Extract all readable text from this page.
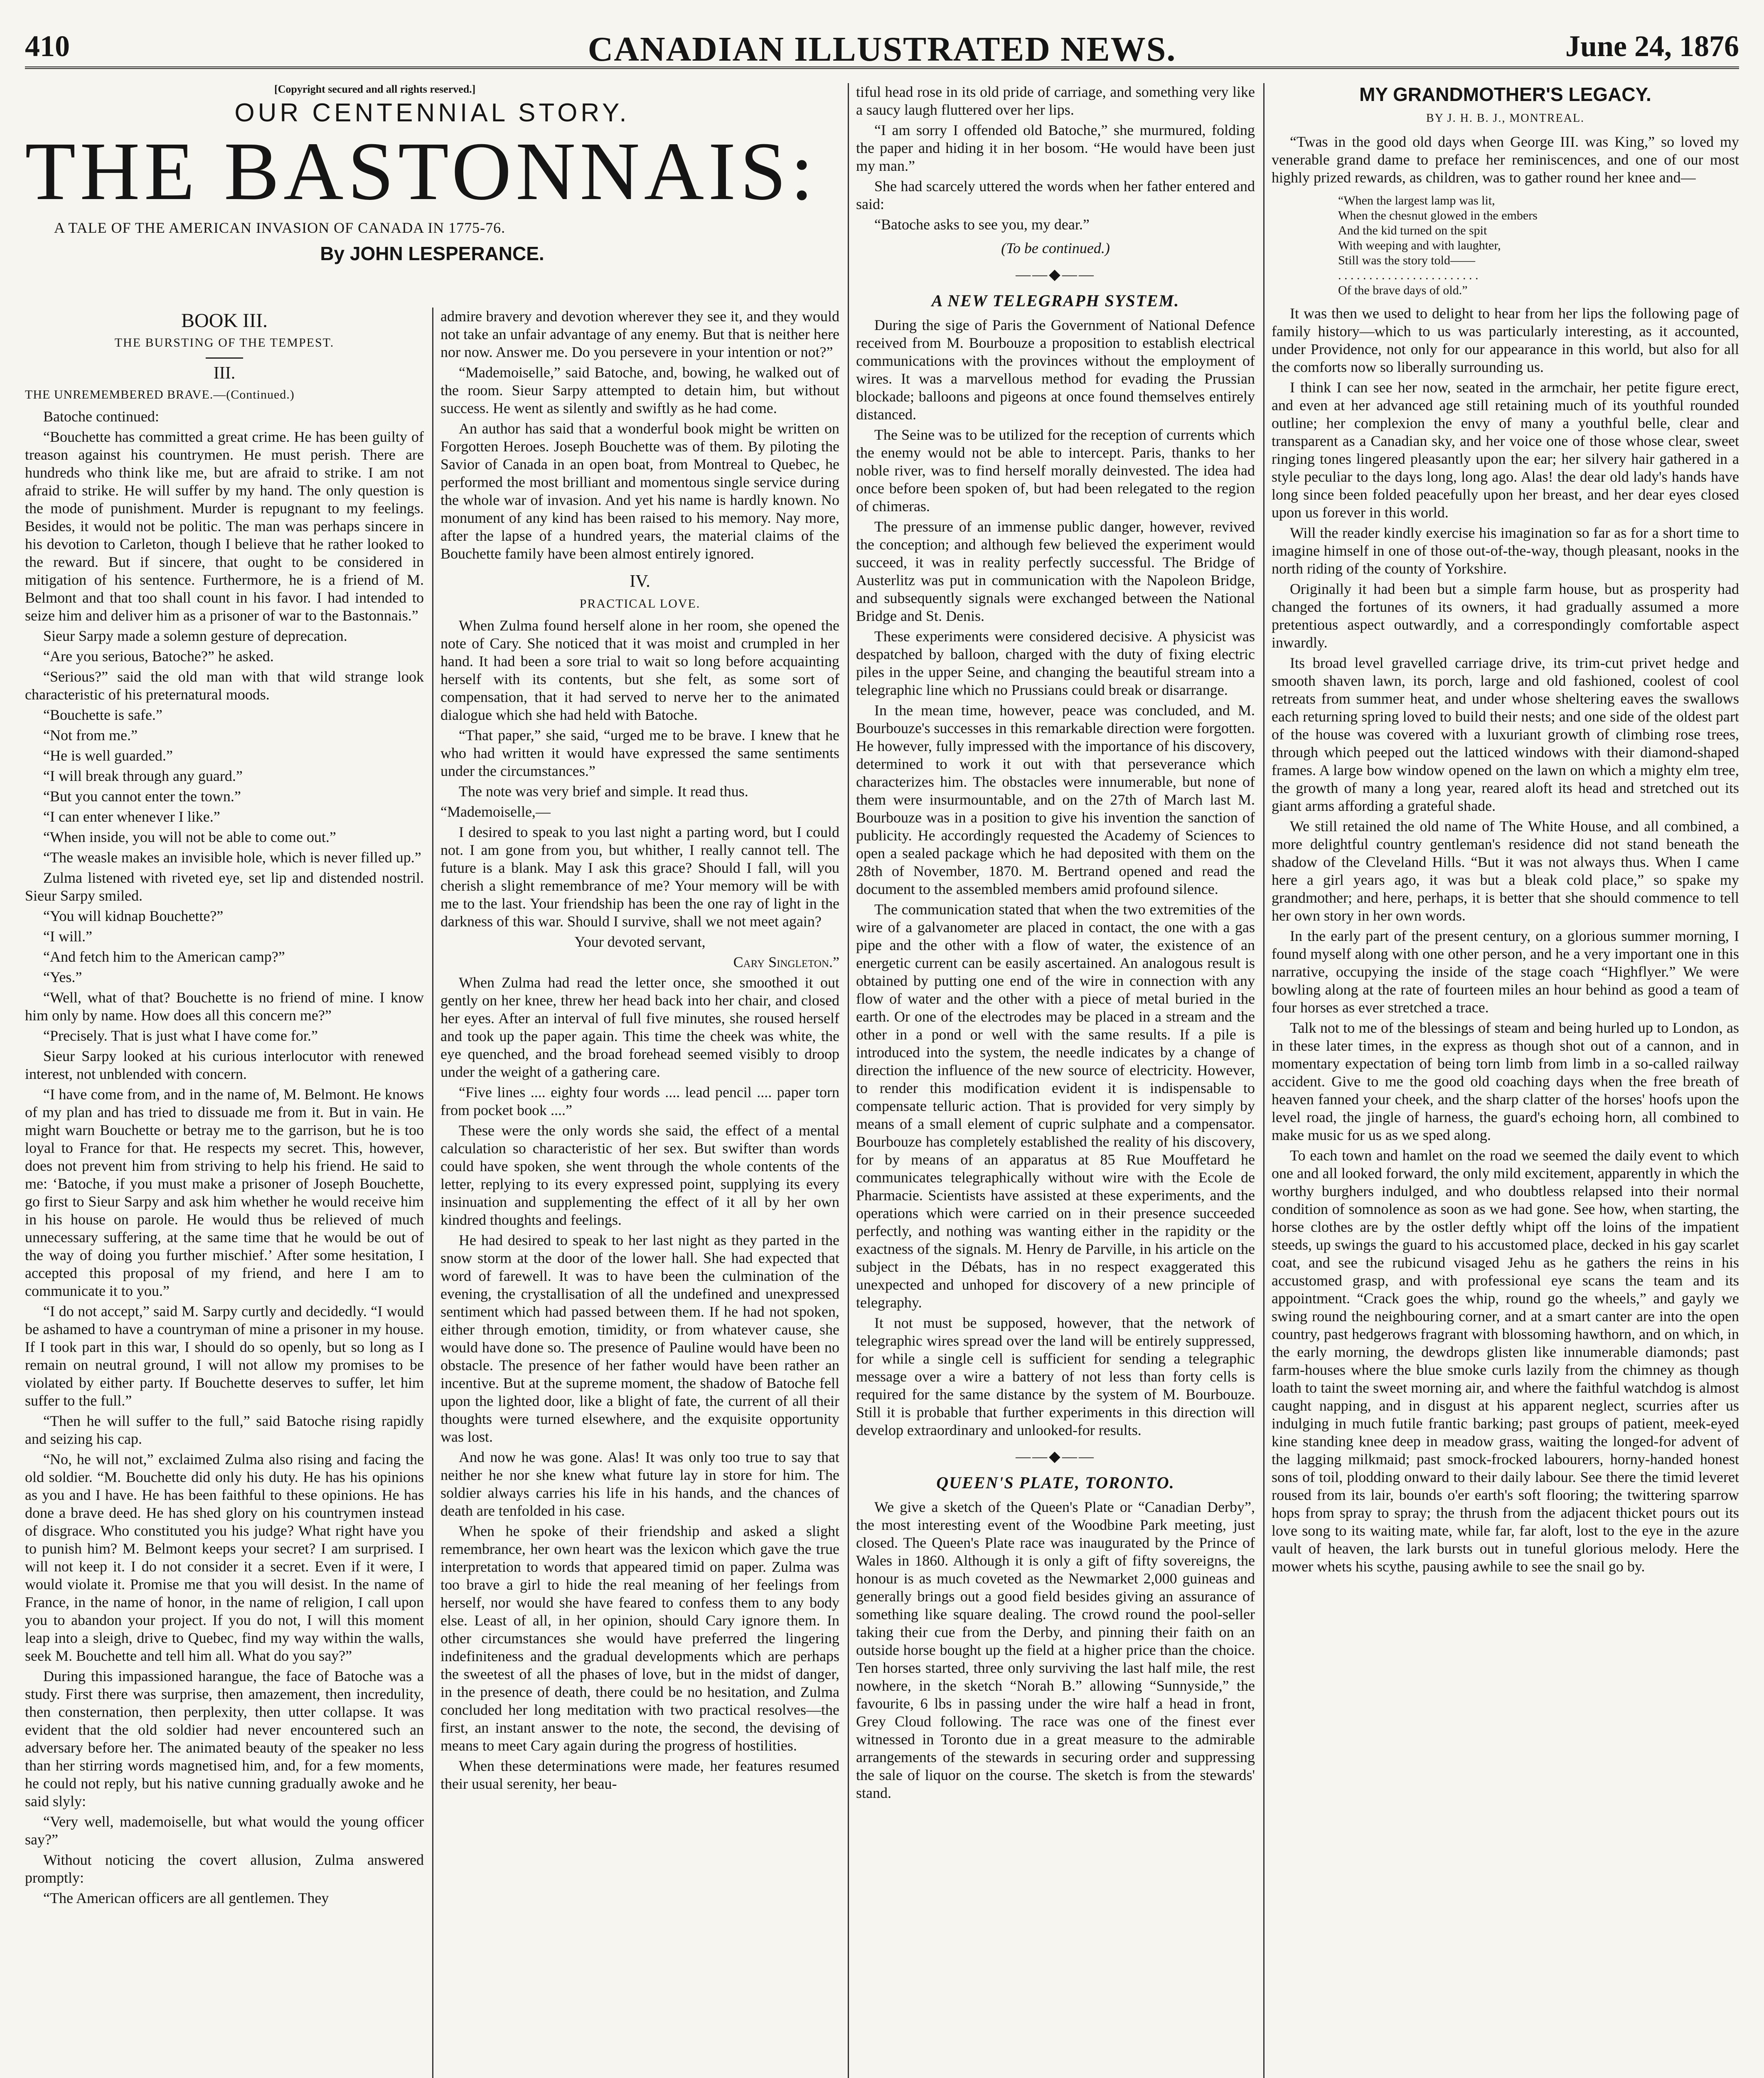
410	CANADIAN ILLUSTRATED NEWS.	June 24, 1876
[Copyright secured and all rights reserved.]
OUR CENTENNIAL STORY.
THE BASTONNAIS:
A TALE OF THE AMERICAN INVASION OF CANADA IN 1775-76.
By JOHN LESPERANCE.
BOOK III.
THE BURSTING OF THE TEMPEST.
III.
THE UNREMEMBERED BRAVE.—(Continued.)

Batoche continued:

“Bouchette has committed a great crime. He has been guilty of treason against his countrymen. He must perish. There are hundreds who think like me, but are afraid to strike. I am not afraid to strike. He will suffer by my hand. The only question is the mode of punishment. Murder is repugnant to my feelings. Besides, it would not be politic. The man was perhaps sincere in his devotion to Carleton, though I believe that he rather looked to the reward. But if sincere, that ought to be considered in mitigation of his sentence. Furthermore, he is a friend of M. Belmont and that too shall count in his favor. I had intended to seize him and deliver him as a prisoner of war to the Bastonnais.”

Sieur Sarpy made a solemn gesture of deprecation.

“Are you serious, Batoche?” he asked.

“Serious?” said the old man with that wild strange look characteristic of his preternatural moods.

“Bouchette is safe.”

“Not from me.”

“He is well guarded.”

“I will break through any guard.”

“But you cannot enter the town.”

“I can enter whenever I like.”

“When inside, you will not be able to come out.”

“The weasle makes an invisible hole, which is never filled up.”

Zulma listened with riveted eye, set lip and distended nostril. Sieur Sarpy smiled.

“You will kidnap Bouchette?”

“I will.”

“And fetch him to the American camp?”

“Yes.”

“Well, what of that? Bouchette is no friend of mine. I know him only by name. How does all this concern me?”

“Precisely. That is just what I have come for.”

Sieur Sarpy looked at his curious interlocutor with renewed interest, not unblended with concern.

“I have come from, and in the name of, M. Belmont. He knows of my plan and has tried to dissuade me from it. But in vain. He might warn Bouchette or betray me to the garrison, but he is too loyal to France for that. He respects my secret. This, however, does not prevent him from striving to help his friend. He said to me: ‘Batoche, if you must make a prisoner of Joseph Bouchette, go first to Sieur Sarpy and ask him whether he would receive him in his house on parole. He would thus be relieved of much unnecessary suffering, at the same time that he would be out of the way of doing you further mischief.’ After some hesitation, I accepted this proposal of my friend, and here I am to communicate it to you.”

“I do not accept,” said M. Sarpy curtly and decidedly. “I would be ashamed to have a countryman of mine a prisoner in my house. If I took part in this war, I should do so openly, but so long as I remain on neutral ground, I will not allow my promises to be violated by either party. If Bouchette deserves to suffer, let him suffer to the full.”

“Then he will suffer to the full,” said Batoche rising rapidly and seizing his cap.

“No, he will not,” exclaimed Zulma also rising and facing the old soldier. “M. Bouchette did only his duty. He has his opinions as you and I have. He has been faithful to these opinions. He has done a brave deed. He has shed glory on his countrymen instead of disgrace. Who constituted you his judge? What right have you to punish him? M. Belmont keeps your secret? I am surprised. I will not keep it. I do not consider it a secret. Even if it were, I would violate it. Promise me that you will desist. In the name of France, in the name of honor, in the name of religion, I call upon you to abandon your project. If you do not, I will this moment leap into a sleigh, drive to Quebec, find my way within the walls, seek M. Bouchette and tell him all. What do you say?”

During this impassioned harangue, the face of Batoche was a study. First there was surprise, then amazement, then incredulity, then consternation, then perplexity, then utter collapse. It was evident that the old soldier had never encountered such an adversary before her. The animated beauty of the speaker no less than her stirring words magnetised him, and, for a few moments, he could not reply, but his native cunning gradually awoke and he said slyly:

“Very well, mademoiselle, but what would the young officer say?”

Without noticing the covert allusion, Zulma answered promptly:

“The American officers are all gentlemen. They

admire bravery and devotion wherever they see it, and they would not take an unfair advantage of any enemy. But that is neither here nor now. Answer me. Do you persevere in your intention or not?”

“Mademoiselle,” said Batoche, and, bowing, he walked out of the room. Sieur Sarpy attempted to detain him, but without success. He went as silently and swiftly as he had come.

An author has said that a wonderful book might be written on Forgotten Heroes. Joseph Bouchette was of them. By piloting the Savior of Canada in an open boat, from Montreal to Quebec, he performed the most brilliant and momentous single service during the whole war of invasion. And yet his name is hardly known. No monument of any kind has been raised to his memory. Nay more, after the lapse of a hundred years, the material claims of the Bouchette family have been almost entirely ignored.

IV.
PRACTICAL LOVE.

When Zulma found herself alone in her room, she opened the note of Cary. She noticed that it was moist and crumpled in her hand. It had been a sore trial to wait so long before acquainting herself with its contents, but she felt, as some sort of compensation, that it had served to nerve her to the animated dialogue which she had held with Batoche.

“That paper,” she said, “urged me to be brave. I knew that he who had written it would have expressed the same sentiments under the circumstances.”

The note was very brief and simple. It read thus.

“Mademoiselle,—

I desired to speak to you last night a parting word, but I could not. I am gone from you, but whither, I really cannot tell. The future is a blank. May I ask this grace? Should I fall, will you cherish a slight remembrance of me? Your memory will be with me to the last. Your friendship has been the one ray of light in the darkness of this war. Should I survive, shall we not meet again?

Your devoted servant,

Cary Singleton.”

When Zulma had read the letter once, she smoothed it out gently on her knee, threw her head back into her chair, and closed her eyes. After an interval of full five minutes, she roused herself and took up the paper again. This time the cheek was white, the eye quenched, and the broad forehead seemed visibly to droop under the weight of a gathering care.

“Five lines .... eighty four words .... lead pencil .... paper torn from pocket book ....”

These were the only words she said, the effect of a mental calculation so characteristic of her sex. But swifter than words could have spoken, she went through the whole contents of the letter, replying to its every expressed point, supplying its every insinuation and supplementing the effect of it all by her own kindred thoughts and feelings.

He had desired to speak to her last night as they parted in the snow storm at the door of the lower hall. She had expected that word of farewell. It was to have been the culmination of the evening, the crystallisation of all the undefined and unexpressed sentiment which had passed between them. If he had not spoken, either through emotion, timidity, or from whatever cause, she would have done so. The presence of Pauline would have been no obstacle. The presence of her father would have been rather an incentive. But at the supreme moment, the shadow of Batoche fell upon the lighted door, like a blight of fate, the current of all their thoughts were turned elsewhere, and the exquisite opportunity was lost.

And now he was gone. Alas! It was only too true to say that neither he nor she knew what future lay in store for him. The soldier always carries his life in his hands, and the chances of death are tenfolded in his case.

When he spoke of their friendship and asked a slight remembrance, her own heart was the lexicon which gave the true interpretation to words that appeared timid on paper. Zulma was too brave a girl to hide the real meaning of her feelings from herself, nor would she have feared to confess them to any body else. Least of all, in her opinion, should Cary ignore them. In other circumstances she would have preferred the lingering indefiniteness and the gradual developments which are perhaps the sweetest of all the phases of love, but in the midst of danger, in the presence of death, there could be no hesitation, and Zulma concluded her long meditation with two practical resolves—the first, an instant answer to the note, the second, the devising of means to meet Cary again during the progress of hostilities.

When these determinations were made, her features resumed their usual serenity, her beau-

tiful head rose in its old pride of carriage, and something very like a saucy laugh fluttered over her lips.

“I am sorry I offended old Batoche,” she murmured, folding the paper and hiding it in her bosom. “He would have been just my man.”

She had scarcely uttered the words when her father entered and said:

“Batoche asks to see you, my dear.”

(To be continued.)

——◆——
A NEW TELEGRAPH SYSTEM.

During the sige of Paris the Government of National Defence received from M. Bourbouze a proposition to establish electrical communications with the provinces without the employment of wires. It was a marvellous method for evading the Prussian blockade; balloons and pigeons at once found themselves entirely distanced.

The Seine was to be utilized for the reception of currents which the enemy would not be able to intercept. Paris, thanks to her noble river, was to find herself morally deinvested. The idea had once before been spoken of, but had been relegated to the region of chimeras.

The pressure of an immense public danger, however, revived the conception; and although few believed the experiment would succeed, it was in reality perfectly successful. The Bridge of Austerlitz was put in communication with the Napoleon Bridge, and subsequently signals were exchanged between the National Bridge and St. Denis.

These experiments were considered decisive. A physicist was despatched by balloon, charged with the duty of fixing electric piles in the upper Seine, and changing the beautiful stream into a telegraphic line which no Prussians could break or disarrange.

In the mean time, however, peace was concluded, and M. Bourbouze's successes in this remarkable direction were forgotten. He however, fully impressed with the importance of his discovery, determined to work it out with that perseverance which characterizes him. The obstacles were innumerable, but none of them were insurmountable, and on the 27th of March last M. Bourbouze was in a position to give his invention the sanction of publicity. He accordingly requested the Academy of Sciences to open a sealed package which he had deposited with them on the 28th of November, 1870. M. Bertrand opened and read the document to the assembled members amid profound silence.

The communication stated that when the two extremities of the wire of a galvanometer are placed in contact, the one with a gas pipe and the other with a flow of water, the existence of an energetic current can be easily ascertained. An analogous result is obtained by putting one end of the wire in connection with any flow of water and the other with a piece of metal buried in the earth. Or one of the electrodes may be placed in a stream and the other in a pond or well with the same results. If a pile is introduced into the system, the needle indicates by a change of direction the influence of the new source of electricity. However, to render this modification evident it is indispensable to compensate telluric action. That is provided for very simply by means of a small element of cupric sulphate and a compensator. Bourbouze has completely established the reality of his discovery, for by means of an apparatus at 85 Rue Mouffetard he communicates telegraphically without wire with the Ecole de Pharmacie. Scientists have assisted at these experiments, and the operations which were carried on in their presence succeeded perfectly, and nothing was wanting either in the rapidity or the exactness of the signals. M. Henry de Parville, in his article on the subject in the Débats, has in no respect exaggerated this unexpected and unhoped for discovery of a new principle of telegraphy.

It not must be supposed, however, that the network of telegraphic wires spread over the land will be entirely suppressed, for while a single cell is sufficient for sending a telegraphic message over a wire a battery of not less than forty cells is required for the same distance by the system of M. Bourbouze. Still it is probable that further experiments in this direction will develop extraordinary and unlooked-for results.

——◆——
QUEEN'S PLATE, TORONTO.

We give a sketch of the Queen's Plate or “Canadian Derby”, the most interesting event of the Woodbine Park meeting, just closed. The Queen's Plate race was inaugurated by the Prince of Wales in 1860. Although it is only a gift of fifty sovereigns, the honour is as much coveted as the Newmarket 2,000 guineas and generally brings out a good field besides giving an assurance of something like square dealing. The crowd round the pool-seller taking their cue from the Derby, and pinning their faith on an outside horse bought up the field at a higher price than the choice. Ten horses started, three only surviving the last half mile, the rest nowhere, in the sketch “Norah B.” allowing “Sunnyside,” the favourite, 6 lbs in passing under the wire half a head in front, Grey Cloud following. The race was one of the finest ever witnessed in Toronto due in a great measure to the admirable arrangements of the stewards in securing order and suppressing the sale of liquor on the course. The sketch is from the stewards' stand.

MY GRANDMOTHER'S LEGACY.
BY J. H. B. J., MONTREAL.

“Twas in the good old days when George III. was King,” so loved my venerable grand dame to preface her reminiscences, and one of our most highly prized rewards, as children, was to gather round her knee and—

“When the largest lamp was lit,
When the chesnut glowed in the embers
And the kid turned on the spit
With weeping and with laughter,
Still was the story told——
. . . . . . . . . . . . . . . . . . . . . . .
Of the brave days of old.”

It was then we used to delight to hear from her lips the following page of family history—which to us was particularly interesting, as it accounted, under Providence, not only for our appearance in this world, but also for all the comforts now so liberally surrounding us.

I think I can see her now, seated in the armchair, her petite figure erect, and even at her advanced age still retaining much of its youthful rounded outline; her complexion the envy of many a youthful belle, clear and transparent as a Canadian sky, and her voice one of those whose clear, sweet ringing tones lingered pleasantly upon the ear; her silvery hair gathered in a style peculiar to the days long, long ago. Alas! the dear old lady's hands have long since been folded peacefully upon her breast, and her dear eyes closed upon us forever in this world.

Will the reader kindly exercise his imagination so far as for a short time to imagine himself in one of those out-of-the-way, though pleasant, nooks in the north riding of the county of Yorkshire.

Originally it had been but a simple farm house, but as prosperity had changed the fortunes of its owners, it had gradually assumed a more pretentious aspect outwardly, and a correspondingly comfortable aspect inwardly.

Its broad level gravelled carriage drive, its trim-cut privet hedge and smooth shaven lawn, its porch, large and old fashioned, coolest of cool retreats from summer heat, and under whose sheltering eaves the swallows each returning spring loved to build their nests; and one side of the oldest part of the house was covered with a luxuriant growth of climbing rose trees, through which peeped out the latticed windows with their diamond-shaped frames. A large bow window opened on the lawn on which a mighty elm tree, the growth of many a long year, reared aloft its head and stretched out its giant arms affording a grateful shade.

We still retained the old name of The White House, and all combined, a more delightful country gentleman's residence did not stand beneath the shadow of the Cleveland Hills. “But it was not always thus. When I came here a girl years ago, it was but a bleak cold place,” so spake my grandmother; and here, perhaps, it is better that she should commence to tell her own story in her own words.

In the early part of the present century, on a glorious summer morning, I found myself along with one other person, and he a very important one in this narrative, occupying the inside of the stage coach “Highflyer.” We were bowling along at the rate of fourteen miles an hour behind as good a team of four horses as ever stretched a trace.

Talk not to me of the blessings of steam and being hurled up to London, as in these later times, in the express as though shot out of a cannon, and in momentary expectation of being torn limb from limb in a so-called railway accident. Give to me the good old coaching days when the free breath of heaven fanned your cheek, and the sharp clatter of the horses' hoofs upon the level road, the jingle of harness, the guard's echoing horn, all combined to make music for us as we sped along.

To each town and hamlet on the road we seemed the daily event to which one and all looked forward, the only mild excitement, apparently in which the worthy burghers indulged, and who doubtless relapsed into their normal condition of somnolence as soon as we had gone. See how, when starting, the horse clothes are by the ostler deftly whipt off the loins of the impatient steeds, up swings the guard to his accustomed place, decked in his gay scarlet coat, and see the rubicund visaged Jehu as he gathers the reins in his accustomed grasp, and with professional eye scans the team and its appointment. “Crack goes the whip, round go the wheels,” and gayly we swing round the neighbouring corner, and at a smart canter are into the open country, past hedgerows fragrant with blossoming hawthorn, and on which, in the early morning, the dewdrops glisten like innumerable diamonds; past farm-houses where the blue smoke curls lazily from the chimney as though loath to taint the sweet morning air, and where the faithful watchdog is almost caught napping, and in disgust at his apparent neglect, scurries after us indulging in much futile frantic barking; past groups of patient, meek-eyed kine standing knee deep in meadow grass, waiting the longed-for advent of the lagging milkmaid; past smock-frocked labourers, horny-handed honest sons of toil, plodding onward to their daily labour. See there the timid leveret roused from its lair, bounds o'er earth's soft flooring; the twittering sparrow hops from spray to spray; the thrush from the adjacent thicket pours out its love song to its waiting mate, while far, far aloft, lost to the eye in the azure vault of heaven, the lark bursts out in tuneful glorious melody. Here the mower whets his scythe, pausing awhile to see the snail go by.
